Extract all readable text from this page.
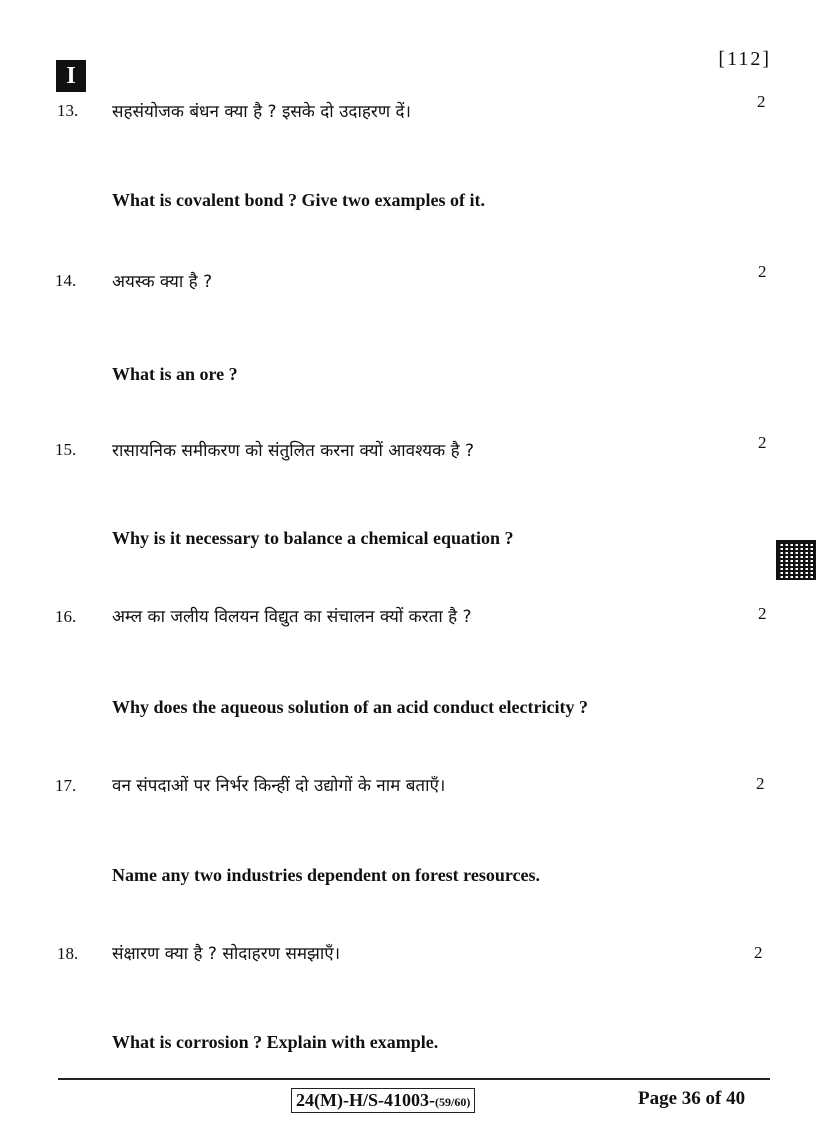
I
[112]
13. सहसंयोजक बंधन क्या है ? इसके दो उदाहरण दें।
2
What is covalent bond ? Give two examples of it.
14. अयस्क क्या है ?
2
What is an ore ?
15. रासायनिक समीकरण को संतुलित करना क्यों आवश्यक है ?	2
Why is it necessary to balance a chemical equation ?
16. अम्ल का जलीय विलयन विद्युत का संचालन क्यों करता है ?	2
Why does the aqueous solution of an acid conduct electricity ?
17. वन संपदाओं पर निर्भर किन्हीं दो उद्योगों के नाम बताएँ।	2
Name any two industries dependent on forest resources.
18. संक्षारण क्या है ? सोदाहरण समझाएँ।	2
What is corrosion ? Explain with example.
24(M)-H/S-41003-(59/60)	Page 36 of 40
